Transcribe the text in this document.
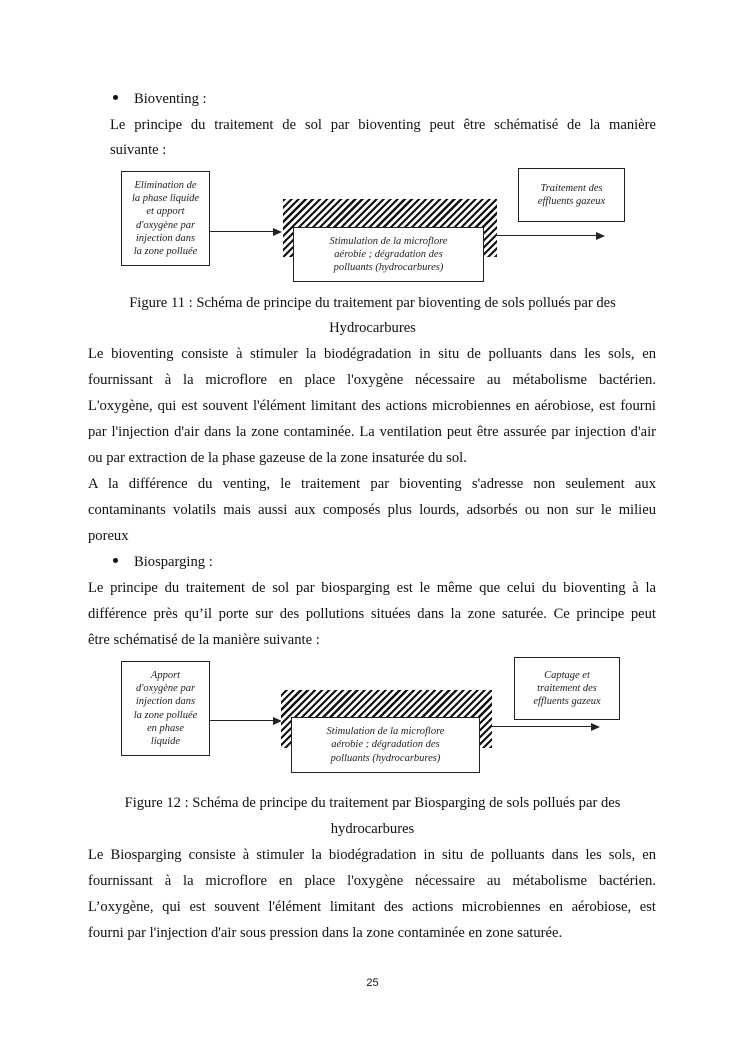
Bioventing :
Le principe du traitement de sol par bioventing peut être schématisé de la manière
suivante :
Elimination de
la phase liquide
et apport
d'oxygène par
injection dans
la zone polluée
Stimulation de la microflore
aérobie ; dégradation des
polluants (hydrocarbures)
Traitement des
effluents gazeux
Figure 11 : Schéma de principe du traitement par bioventing de sols pollués par des
Hydrocarbures
Le bioventing consiste à stimuler la biodégradation in situ de polluants dans les sols, en
fournissant à la microflore en place l'oxygène nécessaire au métabolisme bactérien.
L'oxygène, qui est souvent l'élément limitant des actions microbiennes en aérobiose, est fourni
par l'injection d'air dans la zone contaminée. La ventilation peut être assurée par injection d'air
ou par extraction de la phase gazeuse de la zone insaturée du sol.
A la différence du venting, le traitement par bioventing s'adresse non seulement aux
contaminants volatils mais aussi aux composés plus lourds, adsorbés ou non sur le milieu
poreux
Biosparging :
Le principe du traitement de sol par biosparging est le même que celui du bioventing à la
différence près qu’il porte sur des pollutions situées dans la zone saturée. Ce principe peut
être schématisé de la manière suivante :
Apport
d'oxygène par
injection dans
la zone polluée
en phase
liquide
Stimulation de la microflore
aérobie ; dégradation des
polluants (hydrocarbures)
Captage et
traitement des
effluents gazeux
Figure 12 : Schéma de principe du traitement par Biosparging de sols pollués par des
hydrocarbures
Le Biosparging consiste à stimuler la biodégradation in situ de polluants dans les sols, en
fournissant à la microflore en place l'oxygène nécessaire au métabolisme bactérien.
L’oxygène, qui est souvent l'élément limitant des actions microbiennes en aérobiose, est
fourni par l'injection d'air sous pression dans la zone contaminée en zone saturée.
25
